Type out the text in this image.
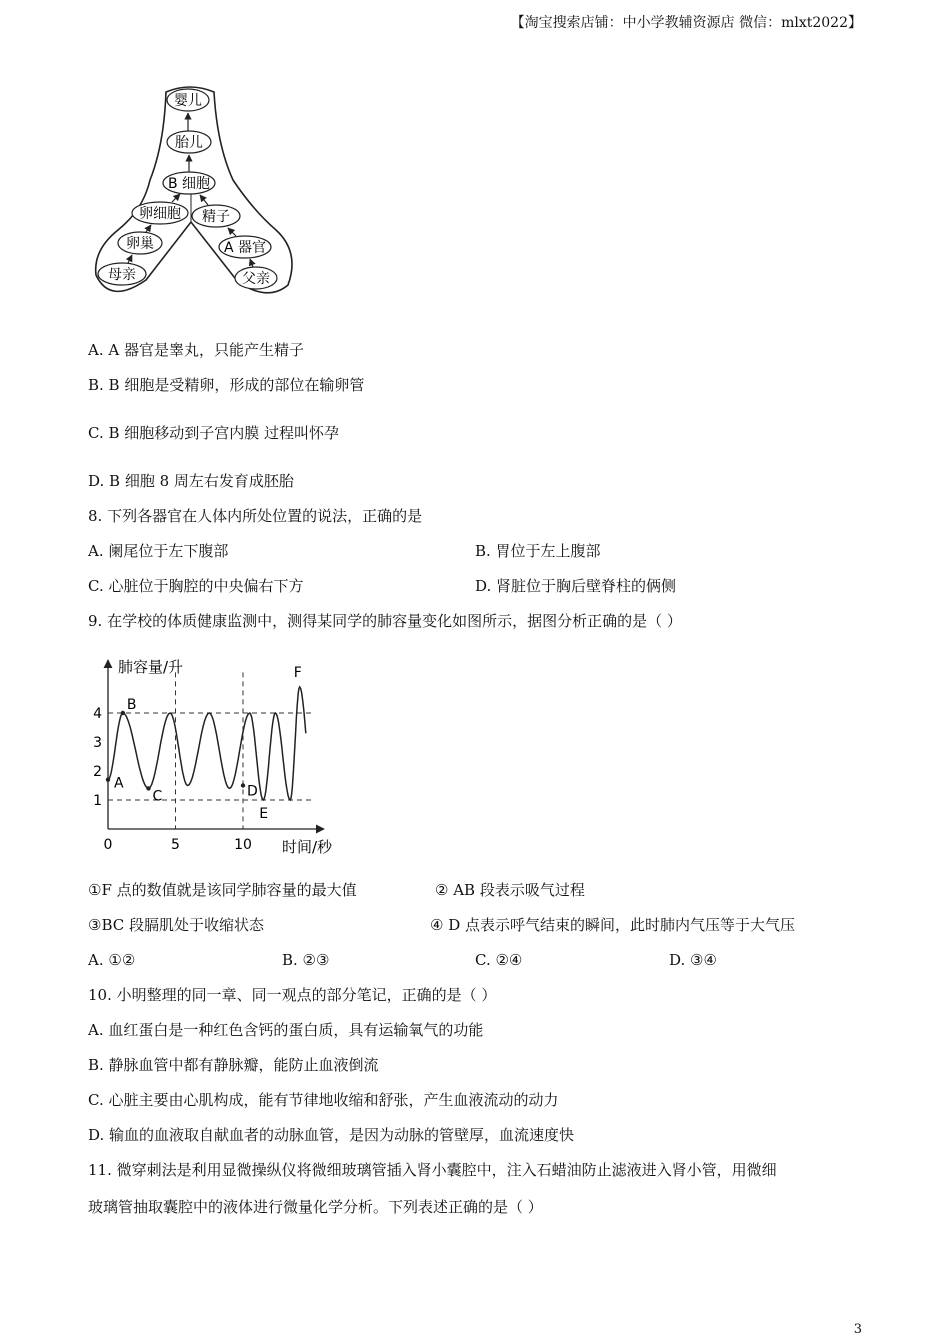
【淘宝搜索店铺：中小学教辅资源店 微信：mlxt2022】
婴儿
胎儿
B 细胞
卵细胞 精子
卵巢	A 器官
母亲	父亲
A. A 器官是睾丸，只能产生精子
B. B 细胞是受精卵，形成的部位在输卵管
C. B 细胞移动到子宫内膜 过程叫怀孕
D. B 细胞 8 周左右发育成胚胎
8. 下列各器官在人体内所处位置的说法，正确的是
A. 阑尾位于左下腹部	B. 胃位于左上腹部
C. 心脏位于胸腔的中央偏右下方	D. 肾脏位于胸后壁脊柱的俩侧
9. 在学校的体质健康监测中，测得某同学的肺容量变化如图所示，据图分析正确的是（ ）
肺容量/升
时间/秒
1
2
3
4
0	5	10
A
B
C	D
E
F
①F 点的数值就是该同学肺容量的最大值	② AB 段表示吸气过程
③BC 段膈肌处于收缩状态	④ D 点表示呼气结束的瞬间，此时肺内气压等于大气压
A. ①②	B. ②③	C. ②④	D. ③④
10. 小明整理的同一章、同一观点的部分笔记，正确的是（ ）
A. 血红蛋白是一种红色含钙的蛋白质，具有运输氧气的功能
B. 静脉血管中都有静脉瓣，能防止血液倒流
C. 心脏主要由心肌构成，能有节律地收缩和舒张，产生血液流动的动力
D. 输血的血液取自献血者的动脉血管，是因为动脉的管壁厚，血流速度快
11. 微穿刺法是利用显微操纵仪将微细玻璃管插入肾小囊腔中，注入石蜡油防止滤液进入肾小管，用微细
玻璃管抽取囊腔中的液体进行微量化学分析。下列表述正确的是（ ）
3
